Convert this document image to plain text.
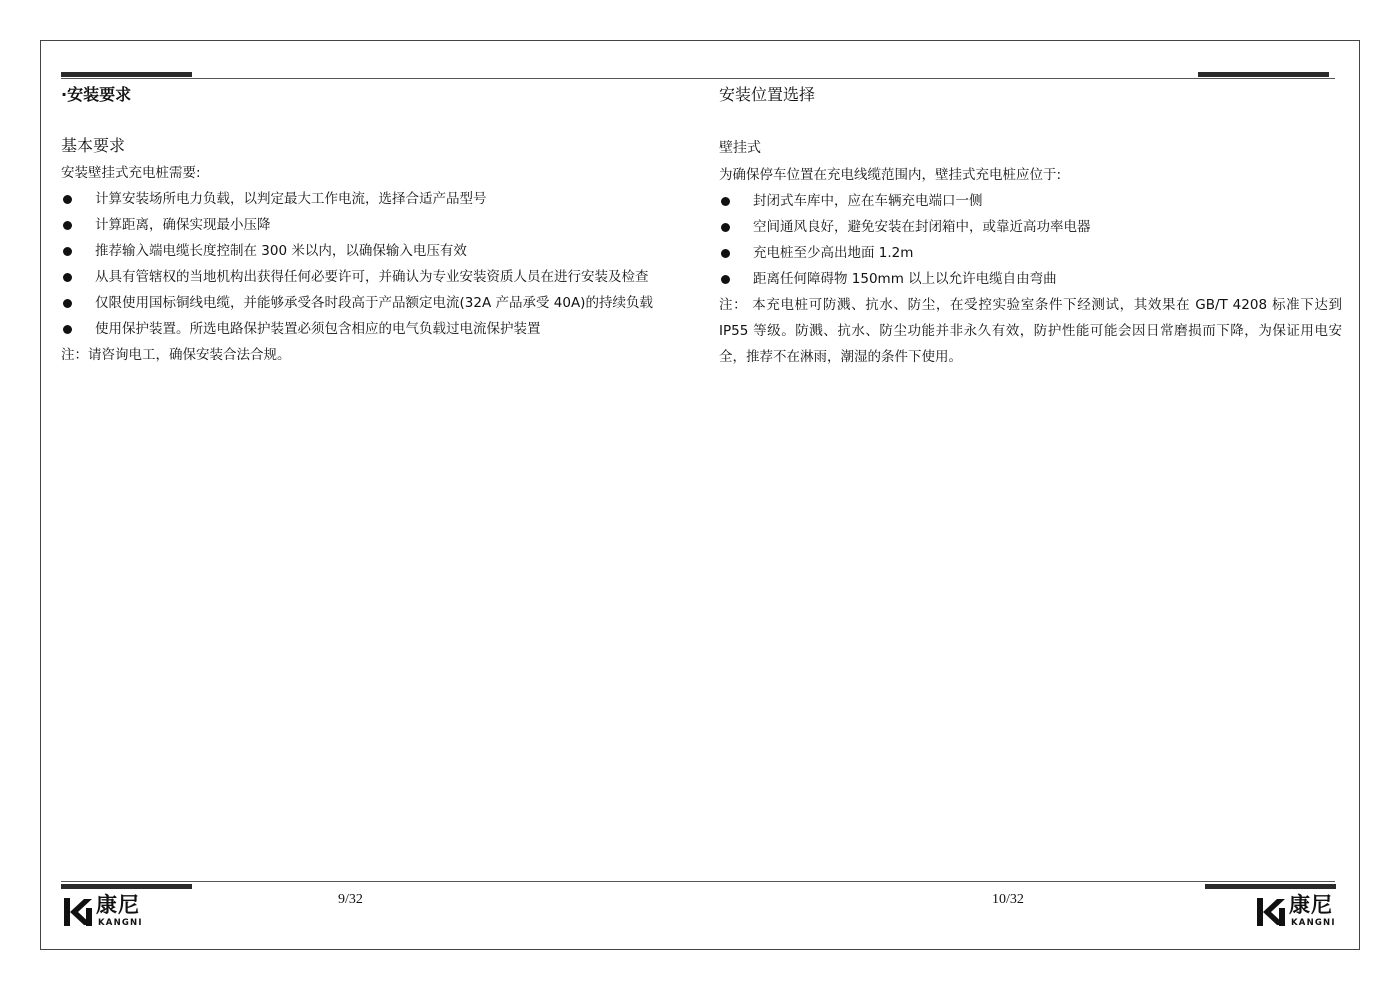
·安装要求
基本要求
安装壁挂式充电桩需要:
计算安装场所电力负载，以判定最大工作电流，选择合适产品型号
计算距离，确保实现最小压降
推荐输入端电缆长度控制在 300 米以内，以确保输入电压有效
从具有管辖权的当地机构出获得任何必要许可，并确认为专业安装资质人员在进行安装及检查
仅限使用国标铜线电缆，并能够承受各时段高于产品额定电流(32A 产品承受 40A)的持续负载
使用保护装置。所选电路保护装置必须包含相应的电气负载过电流保护装置
注：请咨询电工，确保安装合法合规。
安装位置选择
壁挂式
为确保停车位置在充电线缆范围内，壁挂式充电桩应位于:
封闭式车库中，应在车辆充电端口一侧
空间通风良好，避免安装在封闭箱中，或靠近高功率电器
充电桩至少高出地面 1.2m
距离任何障碍物 150mm 以上以允许电缆自由弯曲
注： 本充电桩可防溅、抗水、防尘，在受控实验室条件下经测试，其效果在 GB/T 4208 标准下达到 IP55 等级。防溅、抗水、防尘功能并非永久有效，防护性能可能会因日常磨损而下降，为保证用电安全，推荐不在淋雨，潮湿的条件下使用。
9/32	10/32
康尼
KANGNI
康尼
KANGNI
